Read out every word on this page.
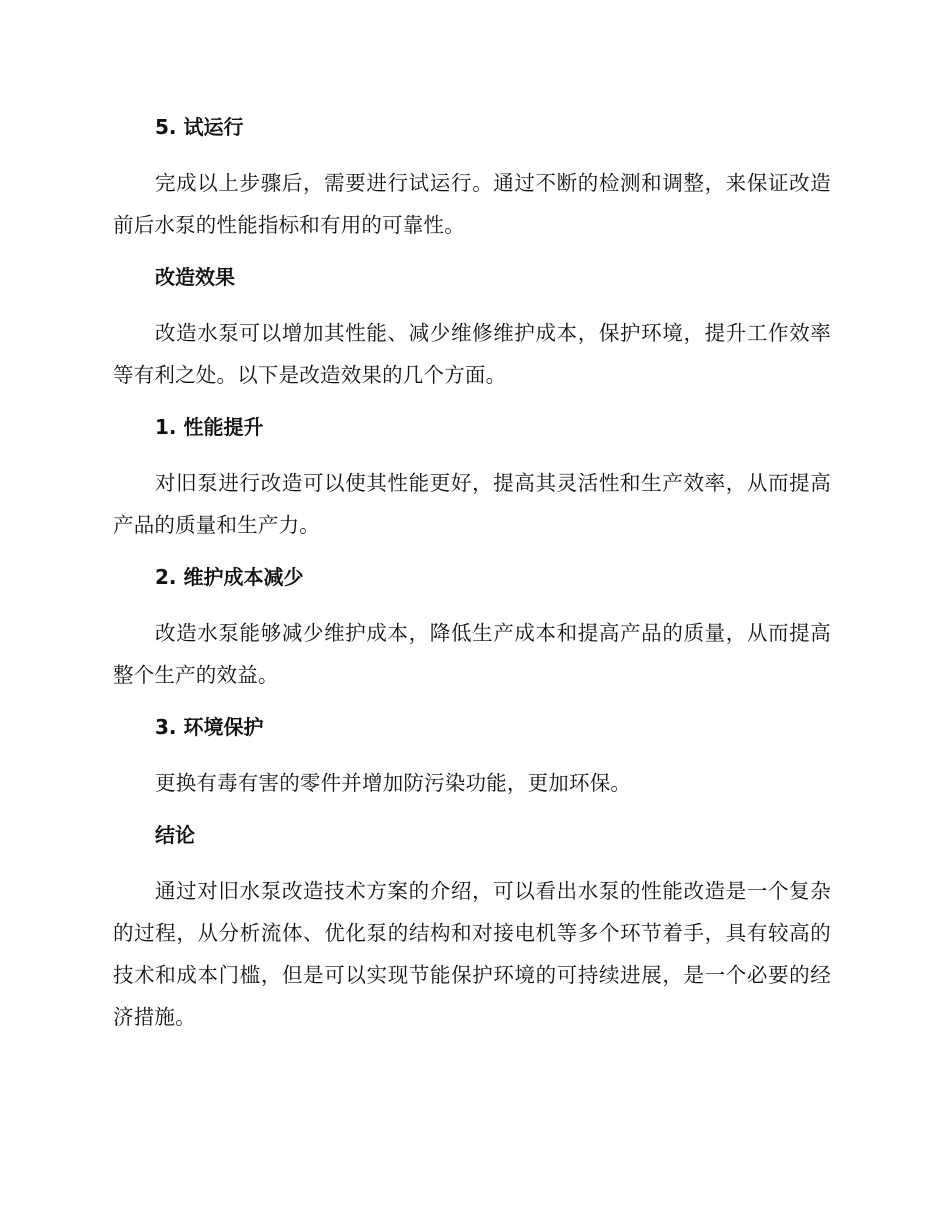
5. 试运行

完成以上步骤后，需要进行试运行。通过不断的检测和调整，来保证改造前后水泵的性能指标和有用的可靠性。

改造效果

改造水泵可以增加其性能、减少维修维护成本，保护环境，提升工作效率等有利之处。以下是改造效果的几个方面。

1. 性能提升

对旧泵进行改造可以使其性能更好，提高其灵活性和生产效率，从而提高产品的质量和生产力。

2. 维护成本减少

改造水泵能够减少维护成本，降低生产成本和提高产品的质量，从而提高整个生产的效益。

3. 环境保护

更换有毒有害的零件并增加防污染功能，更加环保。

结论

通过对旧水泵改造技术方案的介绍，可以看出水泵的性能改造是一个复杂的过程，从分析流体、优化泵的结构和对接电机等多个环节着手，具有较高的技术和成本门槛，但是可以实现节能保护环境的可持续进展，是一个必要的经济措施。
